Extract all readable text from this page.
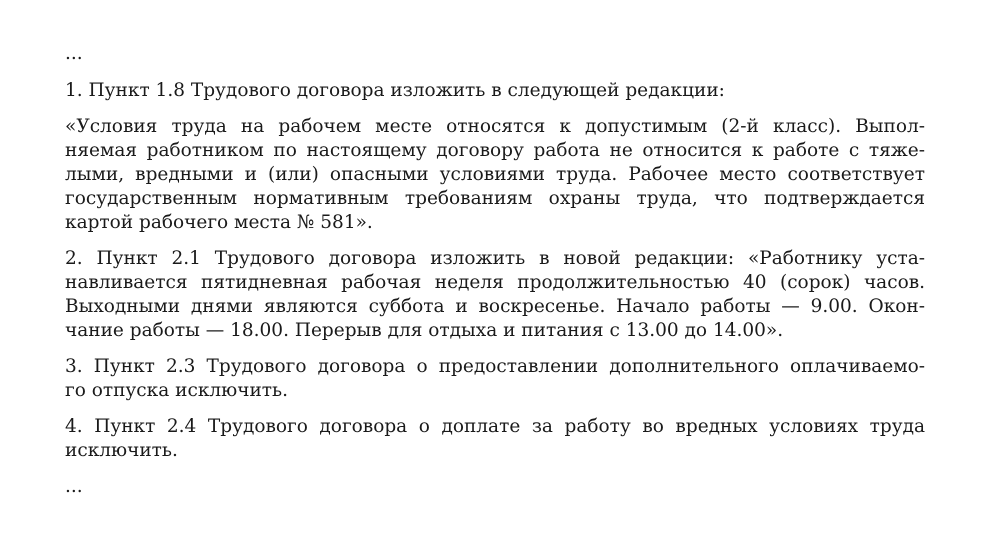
...
1. Пункт 1.8 Трудового договора изложить в следующей редакции:
«Условия труда на рабочем месте относятся к допустимым (2-й класс). Выпол-
няемая работником по настоящему договору работа не относится к работе с тяже-
лыми, вредными и (или) опасными условиями труда. Рабочее место соответствует
государственным нормативным требованиям охраны труда, что подтверждается
картой рабочего места № 581».
2. Пункт 2.1 Трудового договора изложить в новой редакции: «Работнику уста-
навливается пятидневная рабочая неделя продолжительностью 40 (сорок) часов.
Выходными днями являются суббота и воскресенье. Начало работы — 9.00. Окон-
чание работы — 18.00. Перерыв для отдыха и питания с 13.00 до 14.00».
3. Пункт 2.3 Трудового договора о предоставлении дополнительного оплачиваемо-
го отпуска исключить.
4. Пункт 2.4 Трудового договора о доплате за работу во вредных условиях труда
исключить.
...
